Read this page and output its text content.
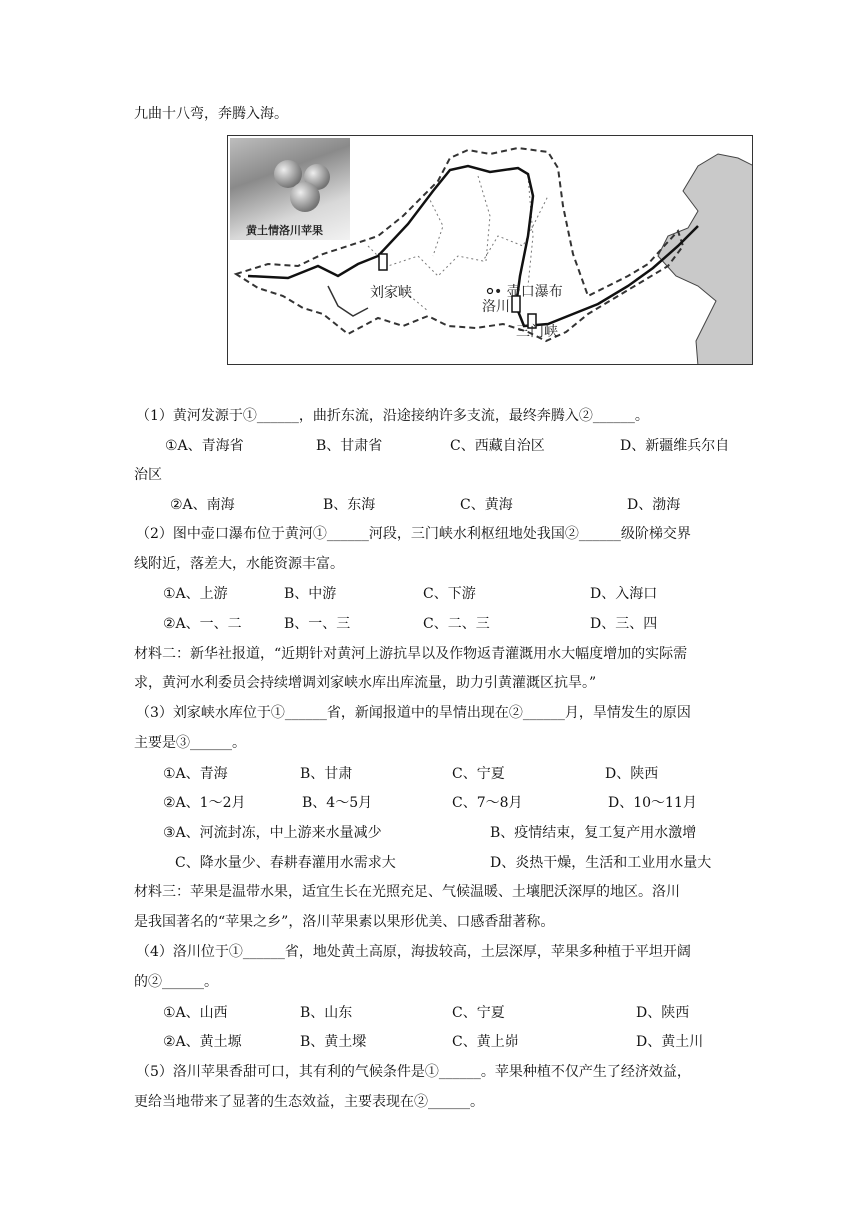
九曲十八弯，奔腾入海。
黄土情洛川苹果
刘家峡	• 壶口瀑布
洛川
三门峡
（1）黄河发源于①______，曲折东流，沿途接纳许多支流，最终奔腾入②______。
①A、青海省	B、甘肃省	C、西藏自治区	D、新疆维兵尔自
治区
②A、南海	B、东海	C、黄海	D、渤海
（2）图中壶口瀑布位于黄河①______河段，三门峡水利枢纽地处我国②______级阶梯交界
线附近，落差大，水能资源丰富。
①A、上游	B、中游	C、下游	D、入海口
②A、一、二	B、一、三	C、二、三	D、三、四
材料二：新华社报道，“近期针对黄河上游抗旱以及作物返青灌溉用水大幅度增加的实际需
求，黄河水利委员会持续增调刘家峡水库出库流量，助力引黄灌溉区抗旱。”
（3）刘家峡水库位于①______省，新闻报道中的旱情出现在②______月，旱情发生的原因
主要是③______。
①A、青海	B、甘肃	C、宁夏	D、陕西
②A、1～2月	B、4～5月	C、7～8月	D、10～11月
③A、河流封冻，中上游来水量减少	B、疫情结束，复工复产用水激增
C、降水量少、春耕春灌用水需求大	D、炎热干燥，生活和工业用水量大
材料三：苹果是温带水果，适宜生长在光照充足、气候温暖、土壤肥沃深厚的地区。洛川
是我国著名的“苹果之乡”，洛川苹果素以果形优美、口感香甜著称。
（4）洛川位于①______省，地处黄土高原，海拔较高，土层深厚，苹果多种植于平坦开阔
的②______。
①A、山西	B、山东	C、宁夏	D、陕西
②A、黄土塬	B、黄土墚	C、黄上峁	D、黄土川
（5）洛川苹果香甜可口，其有利的气候条件是①______。苹果种植不仅产生了经济效益，
更给当地带来了显著的生态效益，主要表现在②______。
